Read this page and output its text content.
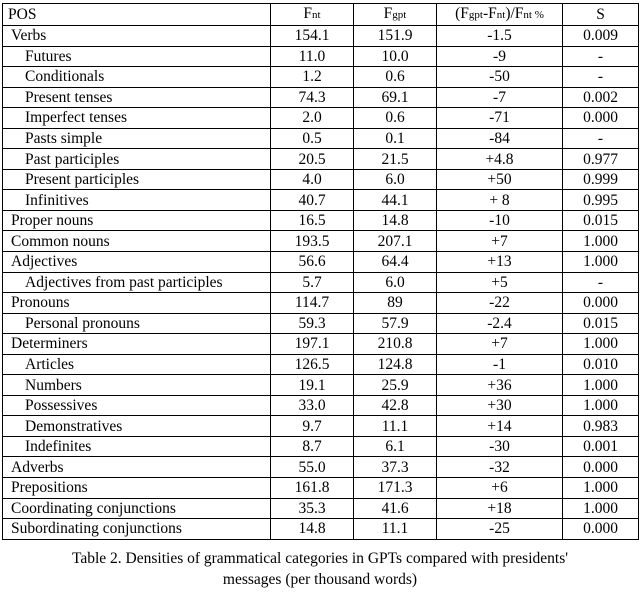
POS	Fnt	Fgpt	(Fgpt-Fnt)/Fnt %	S
Verbs	154.1	151.9	-1.5	0.009
Futures	11.0	10.0	-9	-
Conditionals	1.2	0.6	-50	-
Present tenses	74.3	69.1	-7	0.002
Imperfect tenses	2.0	0.6	-71	0.000
Pasts simple	0.5	0.1	-84	-
Past participles	20.5	21.5	+4.8	0.977
Present participles	4.0	6.0	+50	0.999
Infinitives	40.7	44.1	+ 8	0.995
Proper nouns	16.5	14.8	-10	0.015
Common nouns	193.5	207.1	+7	1.000
Adjectives	56.6	64.4	+13	1.000
Adjectives from past participles	5.7	6.0	+5	-
Pronouns	114.7	89	-22	0.000
Personal pronouns	59.3	57.9	-2.4	0.015
Determiners	197.1	210.8	+7	1.000
Articles	126.5	124.8	-1	0.010
Numbers	19.1	25.9	+36	1.000
Possessives	33.0	42.8	+30	1.000
Demonstratives	9.7	11.1	+14	0.983
Indefinites	8.7	6.1	-30	0.001
Adverbs	55.0	37.3	-32	0.000
Prepositions	161.8	171.3	+6	1.000
Coordinating conjunctions	35.3	41.6	+18	1.000
Subordinating conjunctions	14.8	11.1	-25	0.000
Table 2. Densities of grammatical categories in GPTs compared with presidents'
messages (per thousand words)
